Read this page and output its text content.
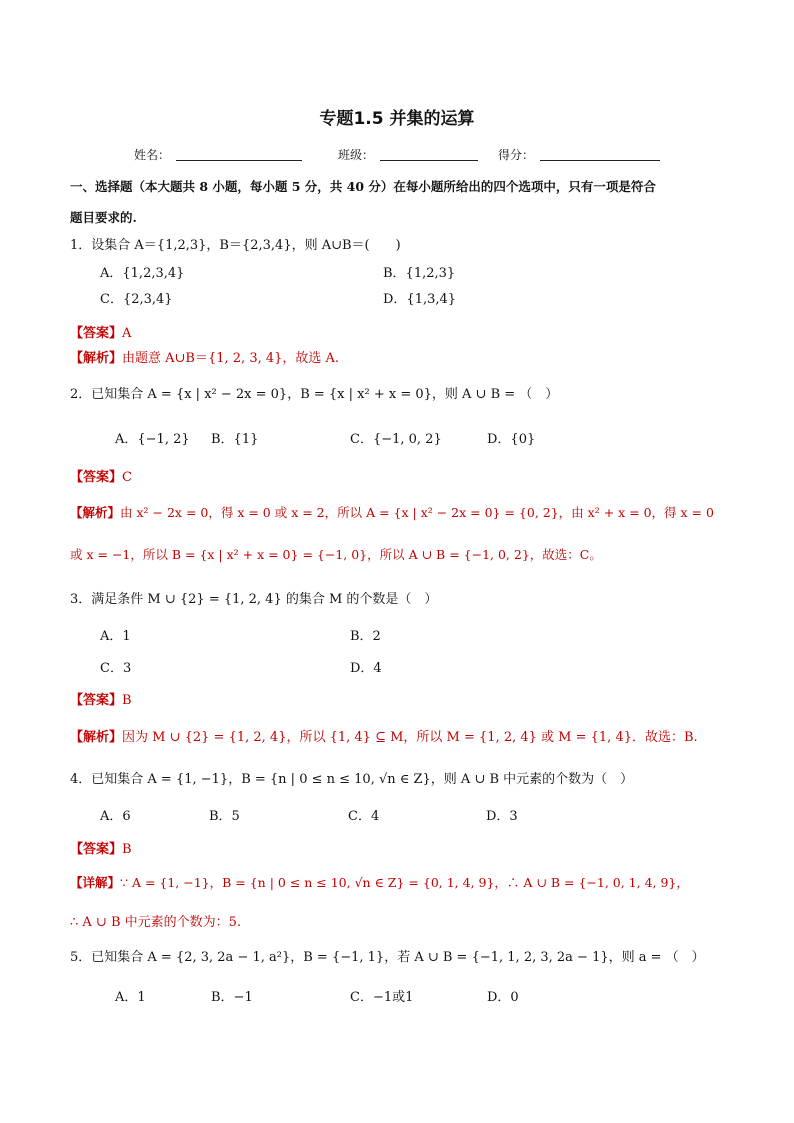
专题1.5 并集的运算
姓名：	班级：	得分：
一、选择题（本大题共 8 小题，每小题 5 分，共 40 分）在每小题所给出的四个选项中，只有一项是符合
题目要求的.
1．设集合 A＝{1,2,3}，B＝{2,3,4}，则 A∪B＝(　　)
A．{1,2,3,4}	B．{1,2,3}
C．{2,3,4}	D．{1,3,4}
【答案】A
【解析】由题意 A∪B＝{1, 2, 3, 4}，故选 A.
2．已知集合 A = {x | x² − 2x = 0}，B = {x | x² + x = 0}，则 A ∪ B = （　）
A．{−1, 2} B．{1}	C．{−1, 0, 2}	D．{0}
【答案】C
【解析】由 x² − 2x = 0，得 x = 0 或 x = 2，所以 A = {x | x² − 2x = 0} = {0, 2}，由 x² + x = 0，得 x = 0
或 x = −1，所以 B = {x | x² + x = 0} = {−1, 0}，所以 A ∪ B = {−1, 0, 2}，故选：C。
3．满足条件 M ∪ {2} = {1, 2, 4} 的集合 M 的个数是（　）
A．1	B．2
C．3	D．4
【答案】B
【解析】因为 M ∪ {2} = {1, 2, 4}，所以 {1, 4} ⊆ M，所以 M = {1, 2, 4} 或 M = {1, 4}．故选：B.
4．已知集合 A = {1, −1}，B = {n | 0 ≤ n ≤ 10, √n ∈ Z}，则 A ∪ B 中元素的个数为（　）
A．6	B．5	C．4	D．3
【答案】B
【详解】∵ A = {1, −1}，B = {n | 0 ≤ n ≤ 10, √n ∈ Z} = {0, 1, 4, 9}，∴ A ∪ B = {−1, 0, 1, 4, 9}，
∴ A ∪ B 中元素的个数为：5.
5．已知集合 A = {2, 3, 2a − 1, a²}，B = {−1, 1}，若 A ∪ B = {−1, 1, 2, 3, 2a − 1}，则 a = （　）
A．1	B．−1	C．−1或1	D．0
